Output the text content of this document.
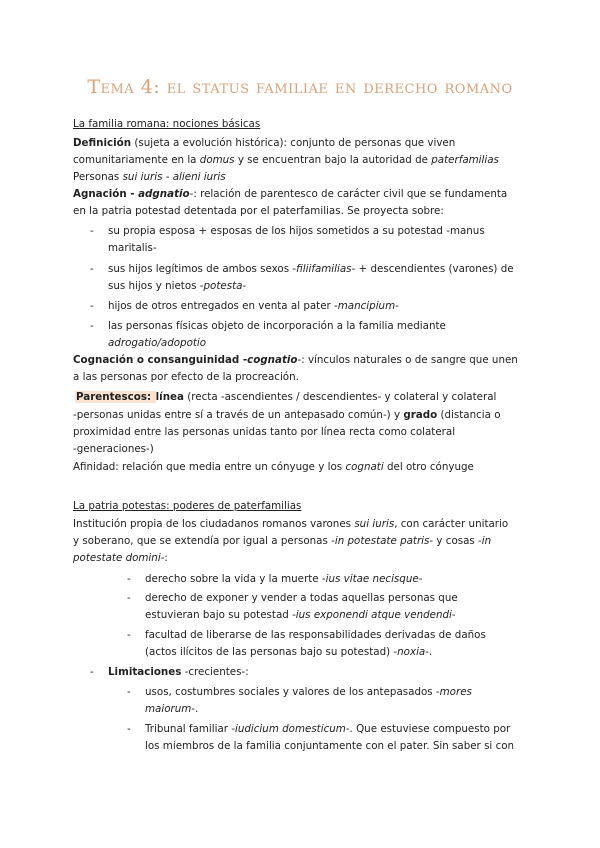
Tema 4: el status familiae en derecho romano
La familia romana: nociones básicas
Definición (sujeta a evolución histórica): conjunto de personas que viven
comunitariamente en la domus y se encuentran bajo la autoridad de paterfamilias
Personas sui iuris - alieni iuris
Agnación - adgnatio-: relación de parentesco de carácter civil que se fundamenta
en la patria potestad detentada por el paterfamilias. Se proyecta sobre:
- su propia esposa + esposas de los hijos sometidos a su potestad -manus
maritalis-
- sus hijos legítimos de ambos sexos -filiifamilias- + descendientes (varones) de
sus hijos y nietos -potesta-
- hijos de otros entregados en venta al pater -mancipium-
- las personas físicas objeto de incorporación a la familia mediante
adrogatio/adopotio
Cognación o consanguinidad -cognatio-: vínculos naturales o de sangre que unen
a las personas por efecto de la procreación.
Parentescos: línea (recta -ascendientes / descendientes- y colateral y colateral
-personas unidas entre sí a través de un antepasado común-) y grado (distancia o
proximidad entre las personas unidas tanto por línea recta como colateral
-generaciones-)
Afinidad: relación que media entre un cónyuge y los cognati del otro cónyuge
La patria potestas: poderes de paterfamilias
Institución propia de los ciudadanos romanos varones sui iuris, con carácter unitario
y soberano, que se extendía por igual a personas -in potestate patris- y cosas -in
potestate domini-:
- derecho sobre la vida y la muerte -ius vitae necisque-
- derecho de exponer y vender a todas aquellas personas que
estuvieran bajo su potestad -ius exponendi atque vendendi-
- facultad de liberarse de las responsabilidades derivadas de daños
(actos ilícitos de las personas bajo su potestad) -noxia-.
- Limitaciones -crecientes-:
- usos, costumbres sociales y valores de los antepasados -mores
maiorum-.
- Tribunal familiar -iudicium domesticum-. Que estuviese compuesto por
los miembros de la familia conjuntamente con el pater. Sin saber si con
